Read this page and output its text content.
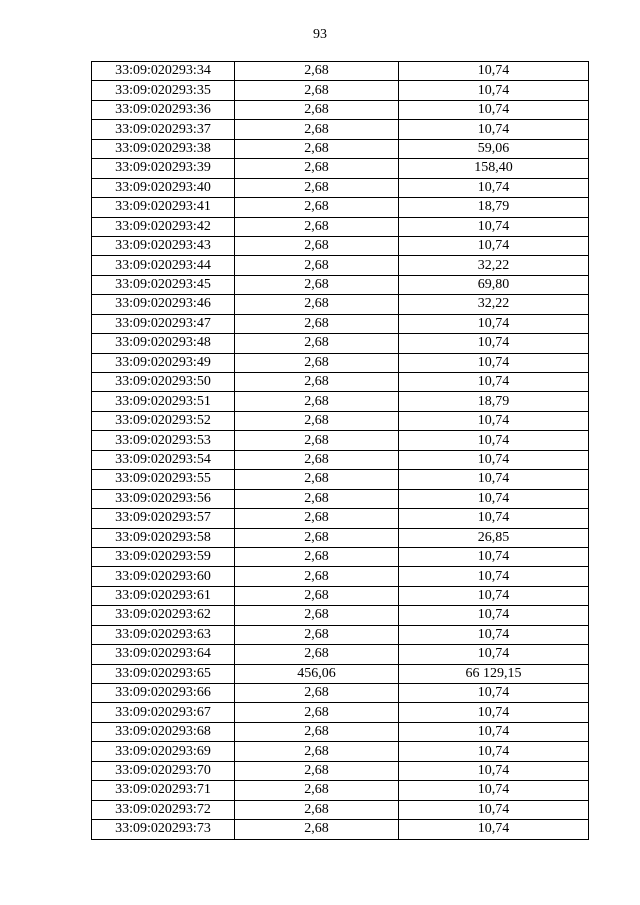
93
33:09:020293:34	2,68	10,74
33:09:020293:35	2,68	10,74
33:09:020293:36	2,68	10,74
33:09:020293:37	2,68	10,74
33:09:020293:38	2,68	59,06
33:09:020293:39	2,68	158,40
33:09:020293:40	2,68	10,74
33:09:020293:41	2,68	18,79
33:09:020293:42	2,68	10,74
33:09:020293:43	2,68	10,74
33:09:020293:44	2,68	32,22
33:09:020293:45	2,68	69,80
33:09:020293:46	2,68	32,22
33:09:020293:47	2,68	10,74
33:09:020293:48	2,68	10,74
33:09:020293:49	2,68	10,74
33:09:020293:50	2,68	10,74
33:09:020293:51	2,68	18,79
33:09:020293:52	2,68	10,74
33:09:020293:53	2,68	10,74
33:09:020293:54	2,68	10,74
33:09:020293:55	2,68	10,74
33:09:020293:56	2,68	10,74
33:09:020293:57	2,68	10,74
33:09:020293:58	2,68	26,85
33:09:020293:59	2,68	10,74
33:09:020293:60	2,68	10,74
33:09:020293:61	2,68	10,74
33:09:020293:62	2,68	10,74
33:09:020293:63	2,68	10,74
33:09:020293:64	2,68	10,74
33:09:020293:65	456,06	66 129,15
33:09:020293:66	2,68	10,74
33:09:020293:67	2,68	10,74
33:09:020293:68	2,68	10,74
33:09:020293:69	2,68	10,74
33:09:020293:70	2,68	10,74
33:09:020293:71	2,68	10,74
33:09:020293:72	2,68	10,74
33:09:020293:73	2,68	10,74
